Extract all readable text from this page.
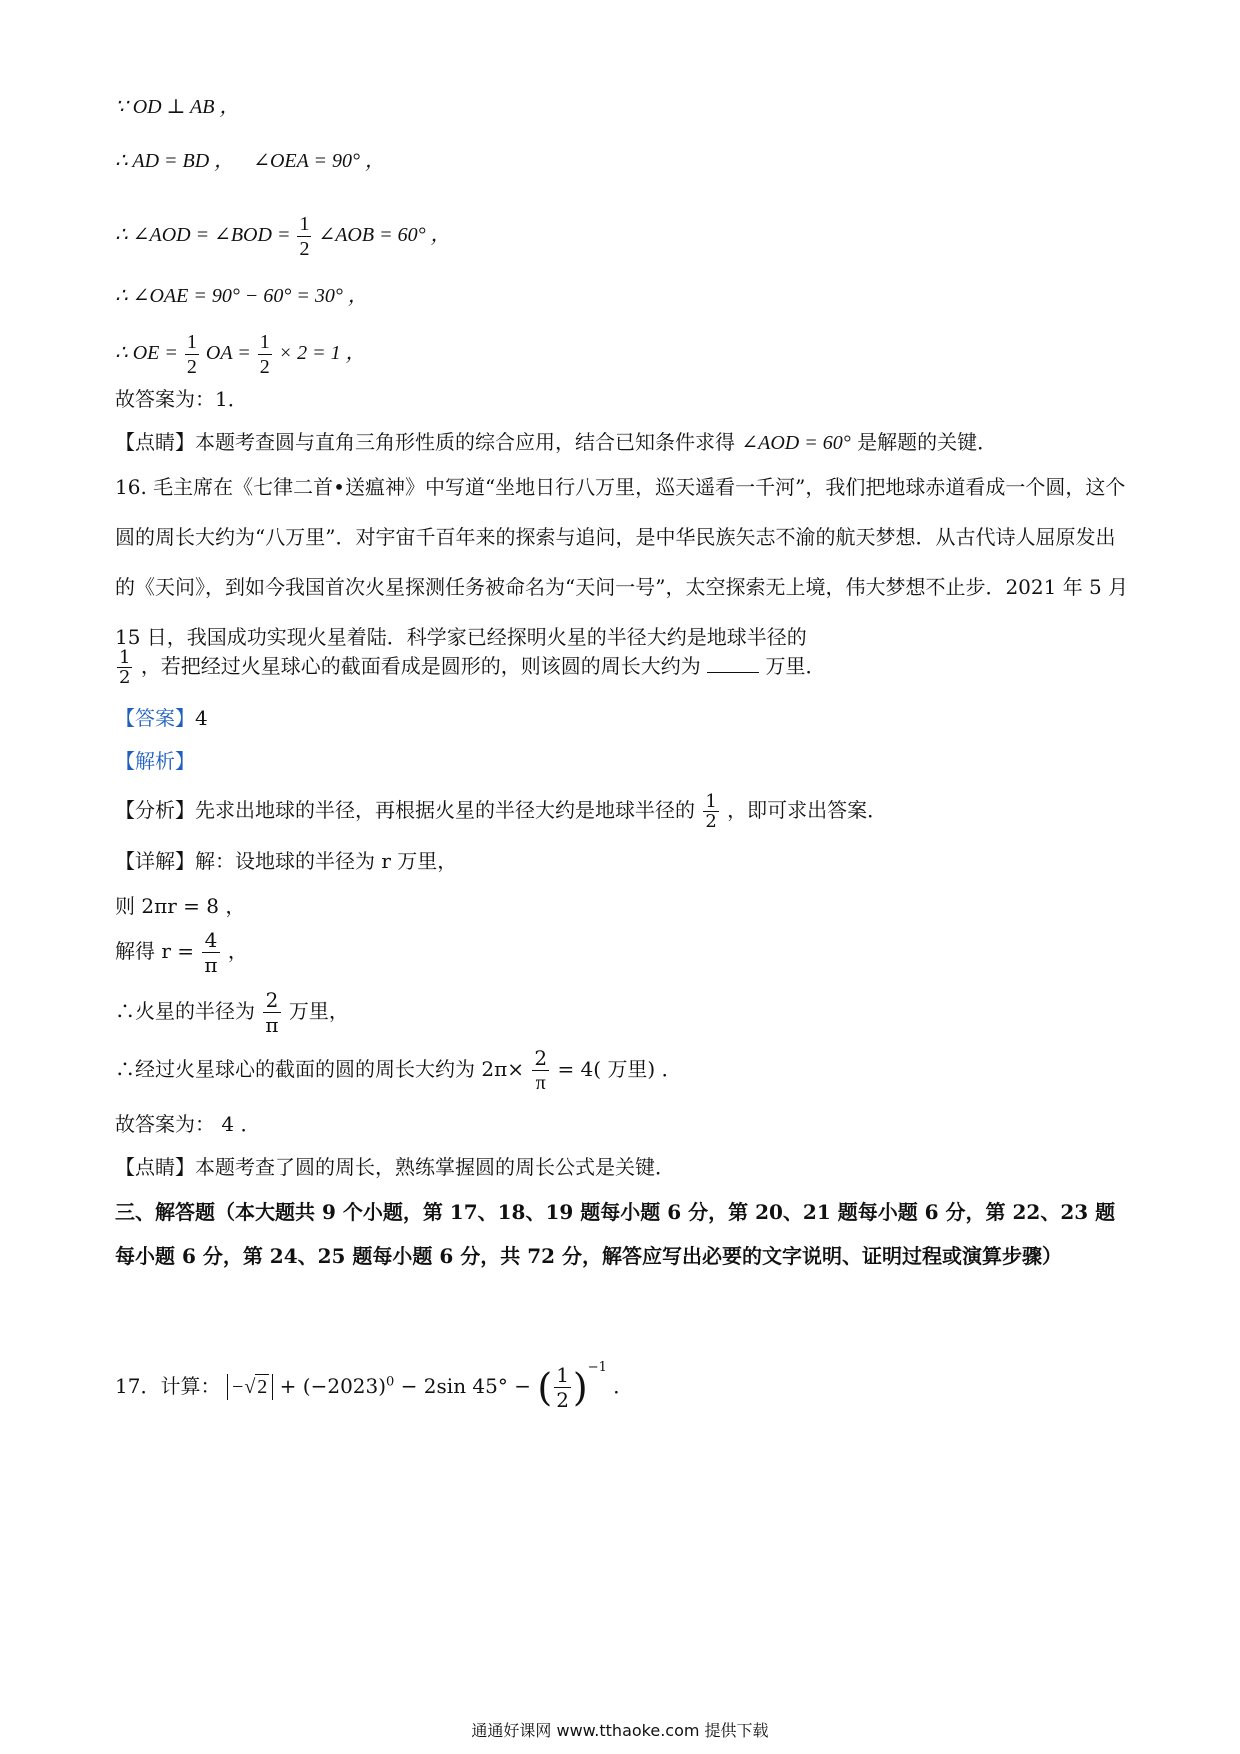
∵ OD ⊥ AB ，
∴ AD = BD ， ∠OEA = 90° ，
∴ ∠AOD = ∠BOD = $\frac{1}{2}$ ∠AOB = 60° ，
∴ ∠OAE = 90° − 60° = 30° ，
∴ OE = $\frac{1}{2}$ OA = $\frac{1}{2} \times 2 = 1$ ，
故答案为：1．
【点睛】本题考查圆与直角三角形性质的综合应用，结合已知条件求得 ∠AOD = 60° 是解题的关键．
16. 毛主席在《七律二首•送瘟神》中写道“坐地日行八万里，巡天遥看一千河”，我们把地球赤道看成一个圆，这个圆的周长大约为“八万里”．对宇宙千百年来的探索与追问，是中华民族矢志不渝的航天梦想．从古代诗人屈原发出的《天问》，到如今我国首次火星探测任务被命名为“天问一号”，太空探索无上境，伟大梦想不止步．2021 年 5 月 15 日，我国成功实现火星着陆．科学家已经探明火星的半径大约是地球半径的
$\frac{1}{2}$ ，若把经过火星球心的截面看成是圆形的，则该圆的周长大约为	万里．
【答案】4
【解析】
【分析】先求出地球的半径，再根据火星的半径大约是地球半径的 $\frac{1}{2}$ ，即可求出答案．
【详解】解：设地球的半径为 r 万里，
则 2πr = 8 ，
解得 $r = \frac{4}{\pi}$ ，
∴火星的半径为 $\frac{2}{\pi}$ 万里，
∴经过火星球心的截面的圆的周长大约为 $2\pi\times \frac{2}{\pi} = 4$( 万里) ．
故答案为： 4 ．
【点睛】本题考查了圆的周长，熟练掌握圆的周长公式是关键．
三、解答题（本大题共 9 个小题，第 17、18、19 题每小题 6 分，第 20、21 题每小题 6 分，第 22、23 题每小题 6 分，第 24、25 题每小题 6 分，共 72 分，解答应写出必要的文字说明、证明过程或演算步骤）
17．计算： −√ $2 + (-2023)^0 - 2\sin$ 45° − ( $\frac{1}{2} )^{-1}$ ．
通通好课网 www.tthaoke.com 提供下载
